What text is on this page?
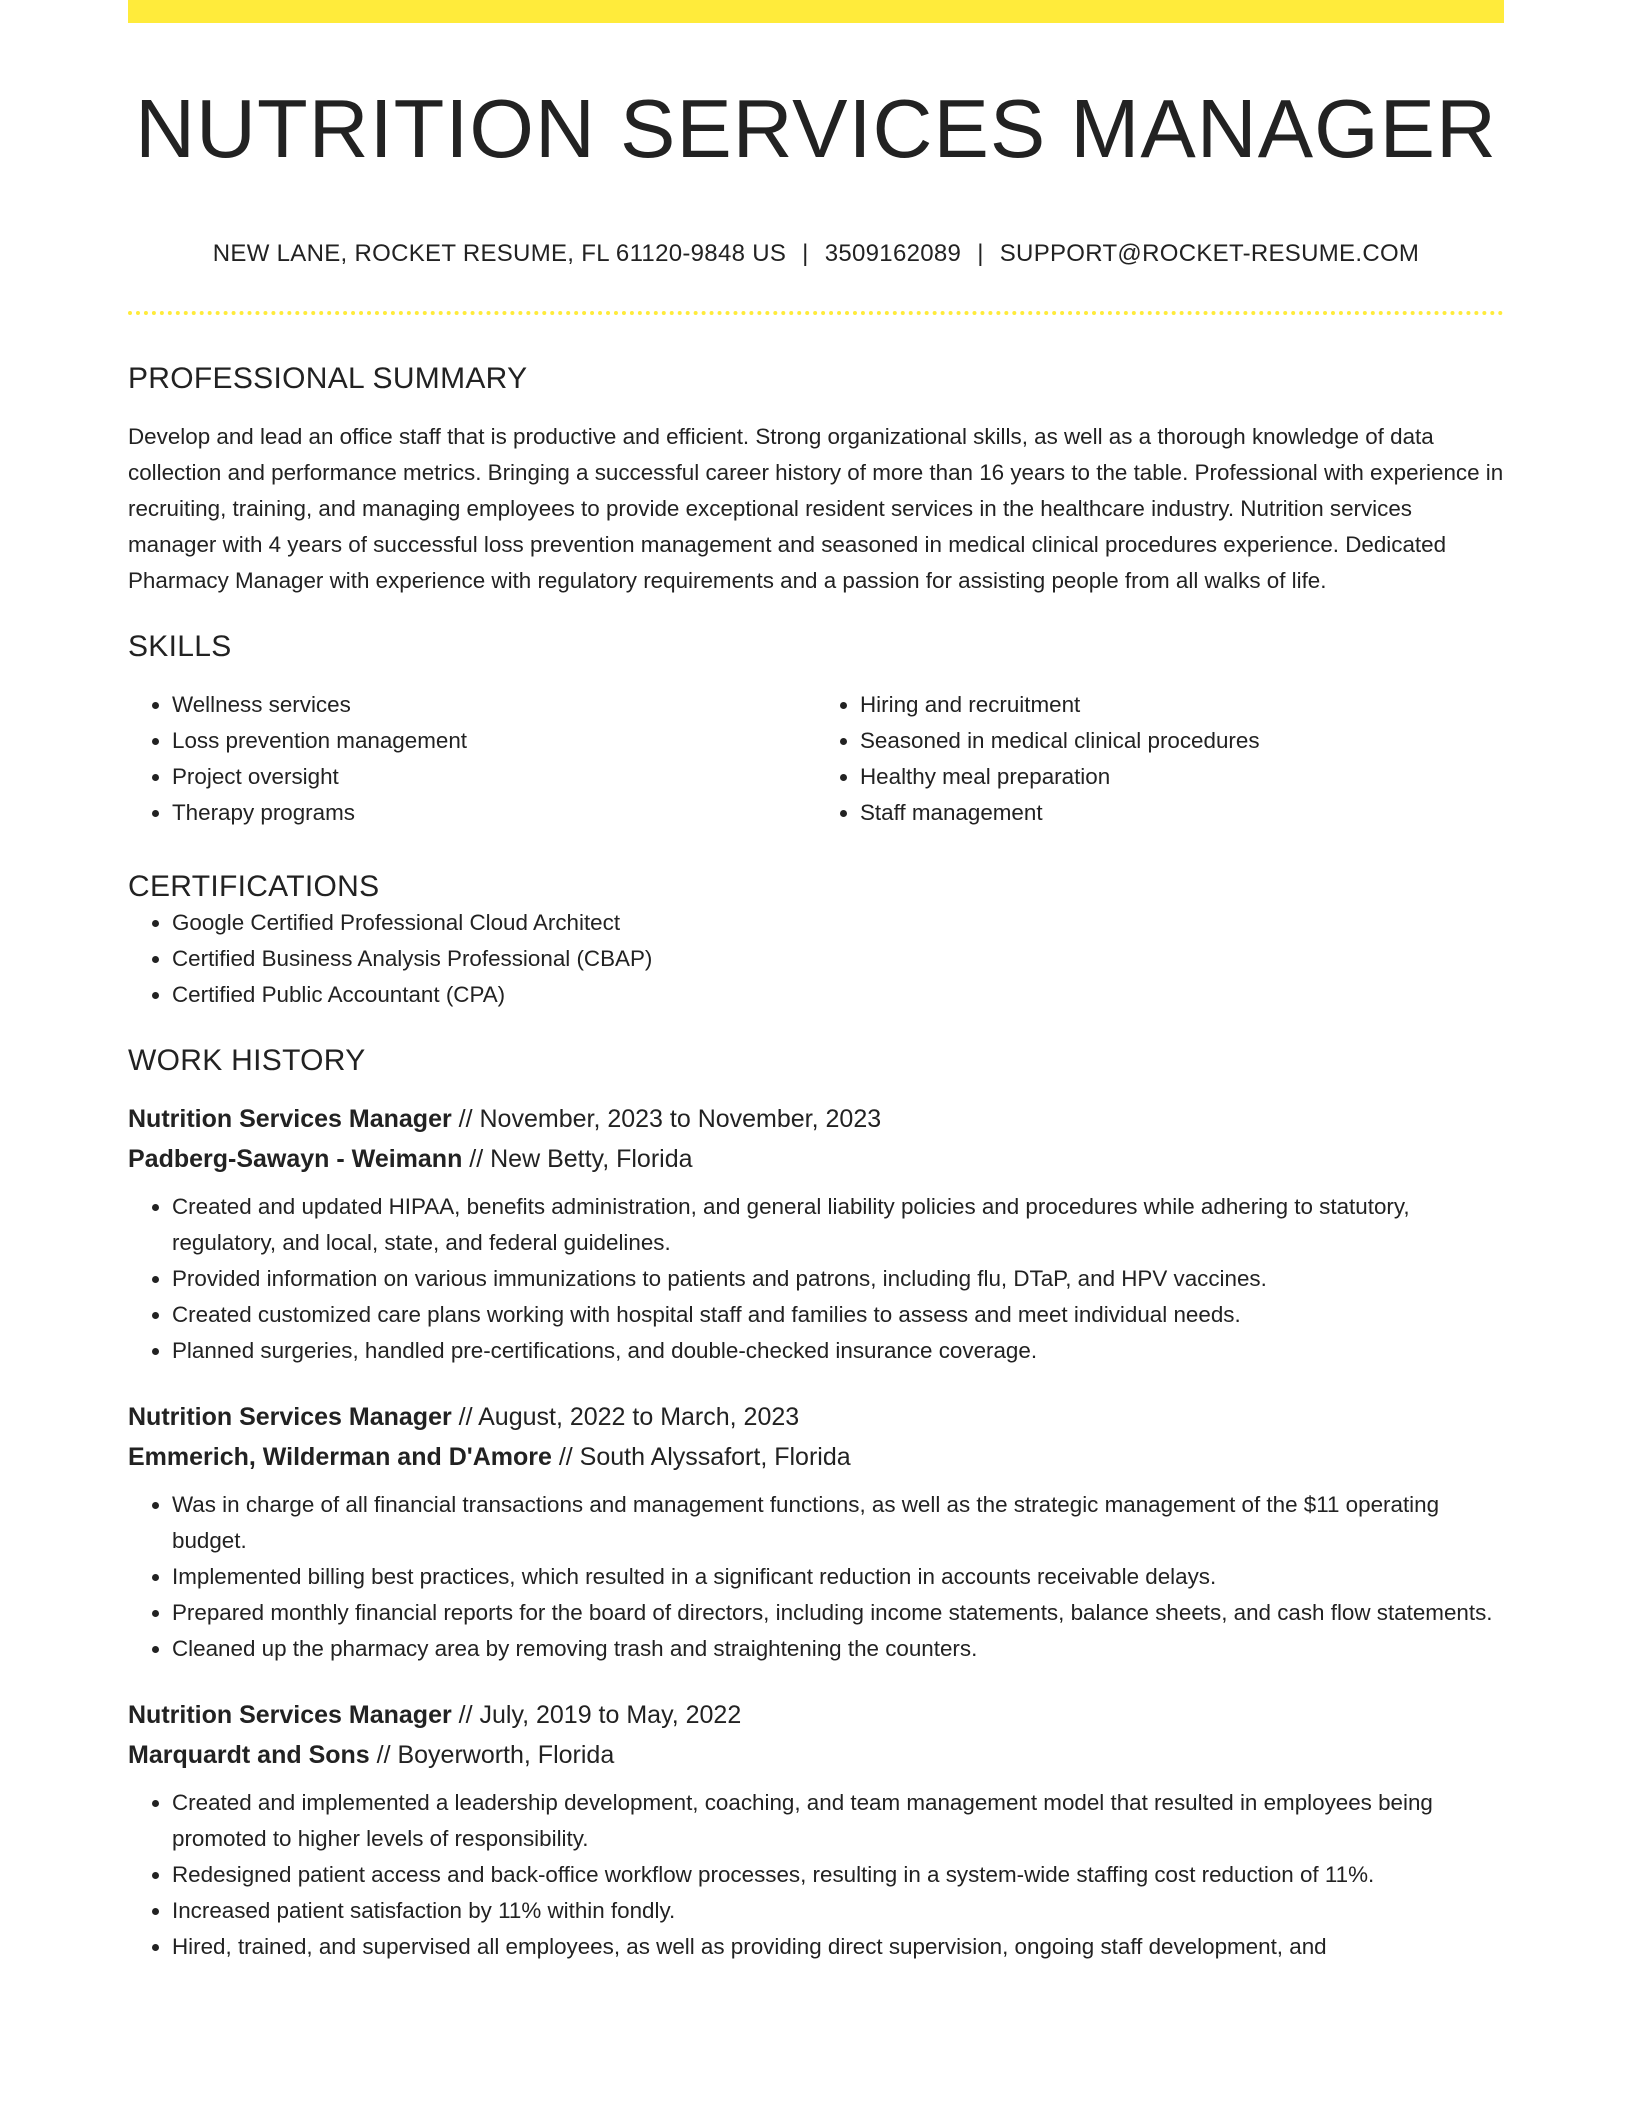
NUTRITION SERVICES MANAGER
NEW LANE, ROCKET RESUME, FL 61120-9848 US | 3509162089 | SUPPORT@ROCKET-RESUME.COM
PROFESSIONAL SUMMARY

Develop and lead an office staff that is productive and efficient. Strong organizational skills, as well as a thorough knowledge of data collection and performance metrics. Bringing a successful career history of more than 16 years to the table. Professional with experience in recruiting, training, and managing employees to provide exceptional resident services in the healthcare industry. Nutrition services manager with 4 years of successful loss prevention management and seasoned in medical clinical procedures experience. Dedicated Pharmacy Manager with experience with regulatory requirements and a passion for assisting people from all walks of life.

SKILLS
• Wellness services
• Loss prevention management
• Project oversight
• Therapy programs
• Hiring and recruitment
• Seasoned in medical clinical procedures
• Healthy meal preparation
• Staff management
CERTIFICATIONS
• Google Certified Professional Cloud Architect
• Certified Business Analysis Professional (CBAP)
• Certified Public Accountant (CPA)
WORK HISTORY
Nutrition Services Manager // November, 2023 to November, 2023
Padberg-Sawayn - Weimann // New Betty, Florida
• Created and updated HIPAA, benefits administration, and general liability policies and procedures while adhering to statutory, regulatory, and local, state, and federal guidelines.
• Provided information on various immunizations to patients and patrons, including flu, DTaP, and HPV vaccines.
• Created customized care plans working with hospital staff and families to assess and meet individual needs.
• Planned surgeries, handled pre-certifications, and double-checked insurance coverage.
Nutrition Services Manager // August, 2022 to March, 2023
Emmerich, Wilderman and D'Amore // South Alyssafort, Florida
• Was in charge of all financial transactions and management functions, as well as the strategic management of the $11 operating budget.
• Implemented billing best practices, which resulted in a significant reduction in accounts receivable delays.
• Prepared monthly financial reports for the board of directors, including income statements, balance sheets, and cash flow statements.
• Cleaned up the pharmacy area by removing trash and straightening the counters.
Nutrition Services Manager // July, 2019 to May, 2022
Marquardt and Sons // Boyerworth, Florida
• Created and implemented a leadership development, coaching, and team management model that resulted in employees being promoted to higher levels of responsibility.
• Redesigned patient access and back-office workflow processes, resulting in a system-wide staffing cost reduction of 11%.
• Increased patient satisfaction by 11% within fondly.
• Hired, trained, and supervised all employees, as well as providing direct supervision, ongoing staff development, and
